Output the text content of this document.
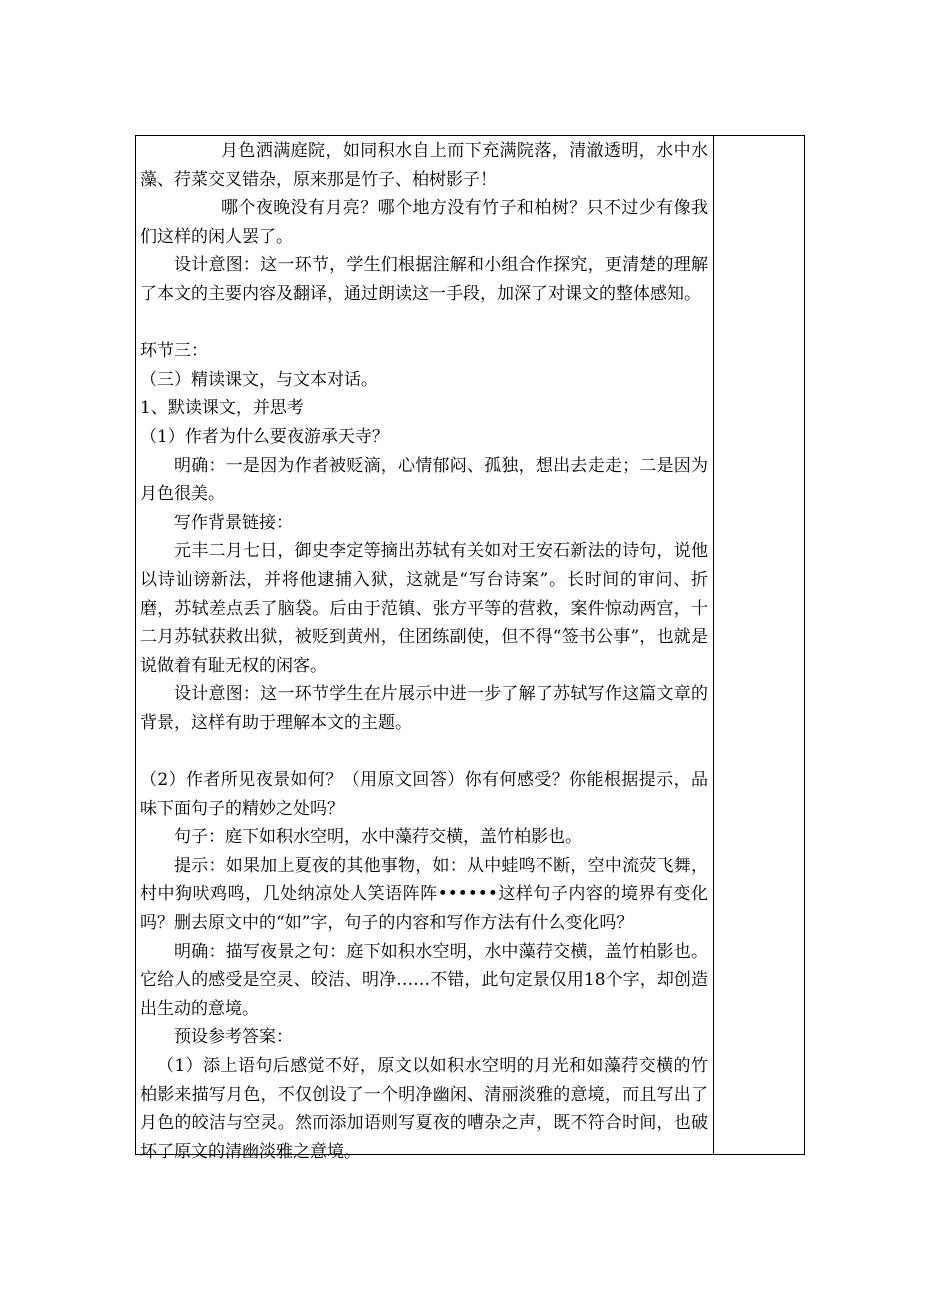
月色洒满庭院，如同积水自上而下充满院落，清澈透明，水中水藻、荇菜交叉错杂，原来那是竹子、柏树影子！

哪个夜晚没有月亮？哪个地方没有竹子和柏树？只不过少有像我们这样的闲人罢了。

设计意图：这一环节，学生们根据注解和小组合作探究，更清楚的理解了本文的主要内容及翻译，通过朗读这一手段，加深了对课文的整体感知。

环节三：

（三）精读课文，与文本对话。

1、默读课文，并思考

（1）作者为什么要夜游承天寺？

明确：一是因为作者被贬滴，心情郁闷、孤独，想出去走走；二是因为月色很美。

写作背景链接：

元丰二月七日，御史李定等摘出苏轼有关如对王安石新法的诗句，说他以诗讪谤新法，并将他逮捕入狱，这就是“写台诗案”。长时间的审问、折磨，苏轼差点丢了脑袋。后由于范镇、张方平等的营救，案件惊动两宫，十二月苏轼获救出狱，被贬到黄州，住团练副使，但不得“签书公事”，也就是说做着有耻无权的闲客。

设计意图：这一环节学生在片展示中进一步了解了苏轼写作这篇文章的背景，这样有助于理解本文的主题。

（2）作者所见夜景如何？（用原文回答）你有何感受？你能根据提示，品味下面句子的精妙之处吗？

句子：庭下如积水空明，水中藻荇交横，盖竹柏影也。

提示：如果加上夏夜的其他事物，如：从中蛙鸣不断，空中流荧飞舞，村中狗吠鸡鸣，几处纳凉处人笑语阵阵••••••这样句子内容的境界有变化吗？删去原文中的“如”字，句子的内容和写作方法有什么变化吗？

明确：描写夜景之句：庭下如积水空明，水中藻荇交横，盖竹柏影也。它给人的感受是空灵、皎洁、明净……不错，此句定景仅用18个字，却创造出生动的意境。

预设参考答案：

（1）添上语句后感觉不好，原文以如积水空明的月光和如藻荇交横的竹柏影来描写月色，不仅创设了一个明净幽闲、清丽淡雅的意境，而且写出了月色的皎洁与空灵。然而添加语则写夏夜的嘈杂之声，既不符合时间，也破坏了原文的清幽淡雅之意境。
